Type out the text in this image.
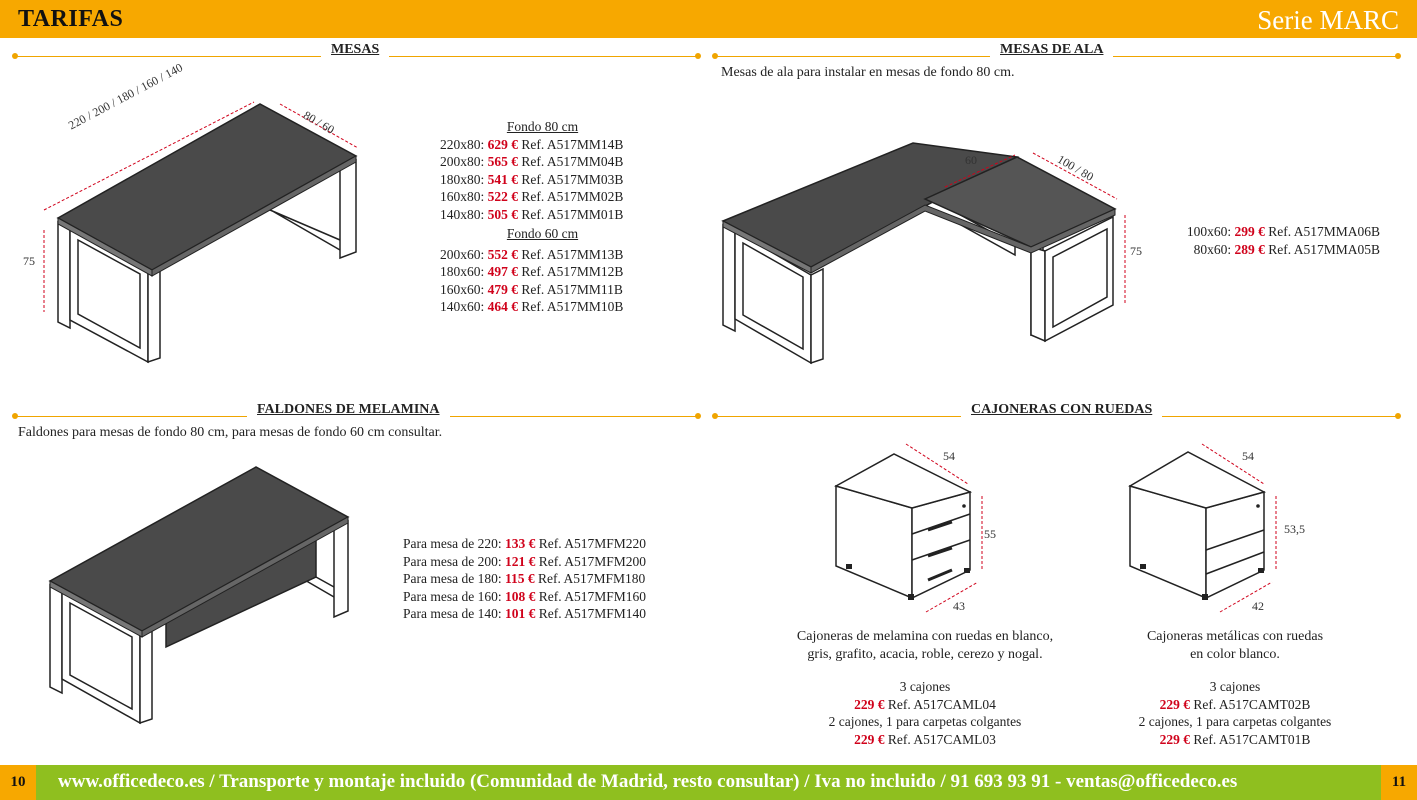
TARIFAS	Serie MARC
MESAS
220 / 200 / 180 / 160 / 140	80 / 60
75
Fondo 80 cm
220x80: 629 € Ref. A517MM14B
200x80: 565 € Ref. A517MM04B
180x80: 541 € Ref. A517MM03B
160x80: 522 € Ref. A517MM02B
140x80: 505 € Ref. A517MM01B
Fondo 60 cm
200x60: 552 € Ref. A517MM13B
180x60: 497 € Ref. A517MM12B
160x60: 479 € Ref. A517MM11B
140x60: 464 € Ref. A517MM10B
MESAS DE ALA
Mesas de ala para instalar en mesas de fondo 80 cm.
60	100 / 80
75
100x60: 299 € Ref. A517MMA06B
80x60: 289 € Ref. A517MMA05B
FALDONES DE MELAMINA
Faldones para mesas de fondo 80 cm, para mesas de fondo 60 cm consultar.
Para mesa de 220: 133 € Ref. A517MFM220
Para mesa de 200: 121 € Ref. A517MFM200
Para mesa de 180: 115 € Ref. A517MFM180
Para mesa de 160: 108 € Ref. A517MFM160
Para mesa de 140: 101 € Ref. A517MFM140
CAJONERAS CON RUEDAS
54
55
43
54
53,5
42
Cajoneras de melamina con ruedas en blanco,
gris, grafito, acacia, roble, cerezo y nogal.
3 cajones
229 € Ref. A517CAML04
2 cajones, 1 para carpetas colgantes
229 € Ref. A517CAML03
Cajoneras metálicas con ruedas
en color blanco.
3 cajones
229 € Ref. A517CAMT02B
2 cajones, 1 para carpetas colgantes
229 € Ref. A517CAMT01B
10	www.officedeco.es / Transporte y montaje incluido (Comunidad de Madrid, resto consultar) / Iva no incluido / 91 693 93 91 - ventas@officedeco.es	11
